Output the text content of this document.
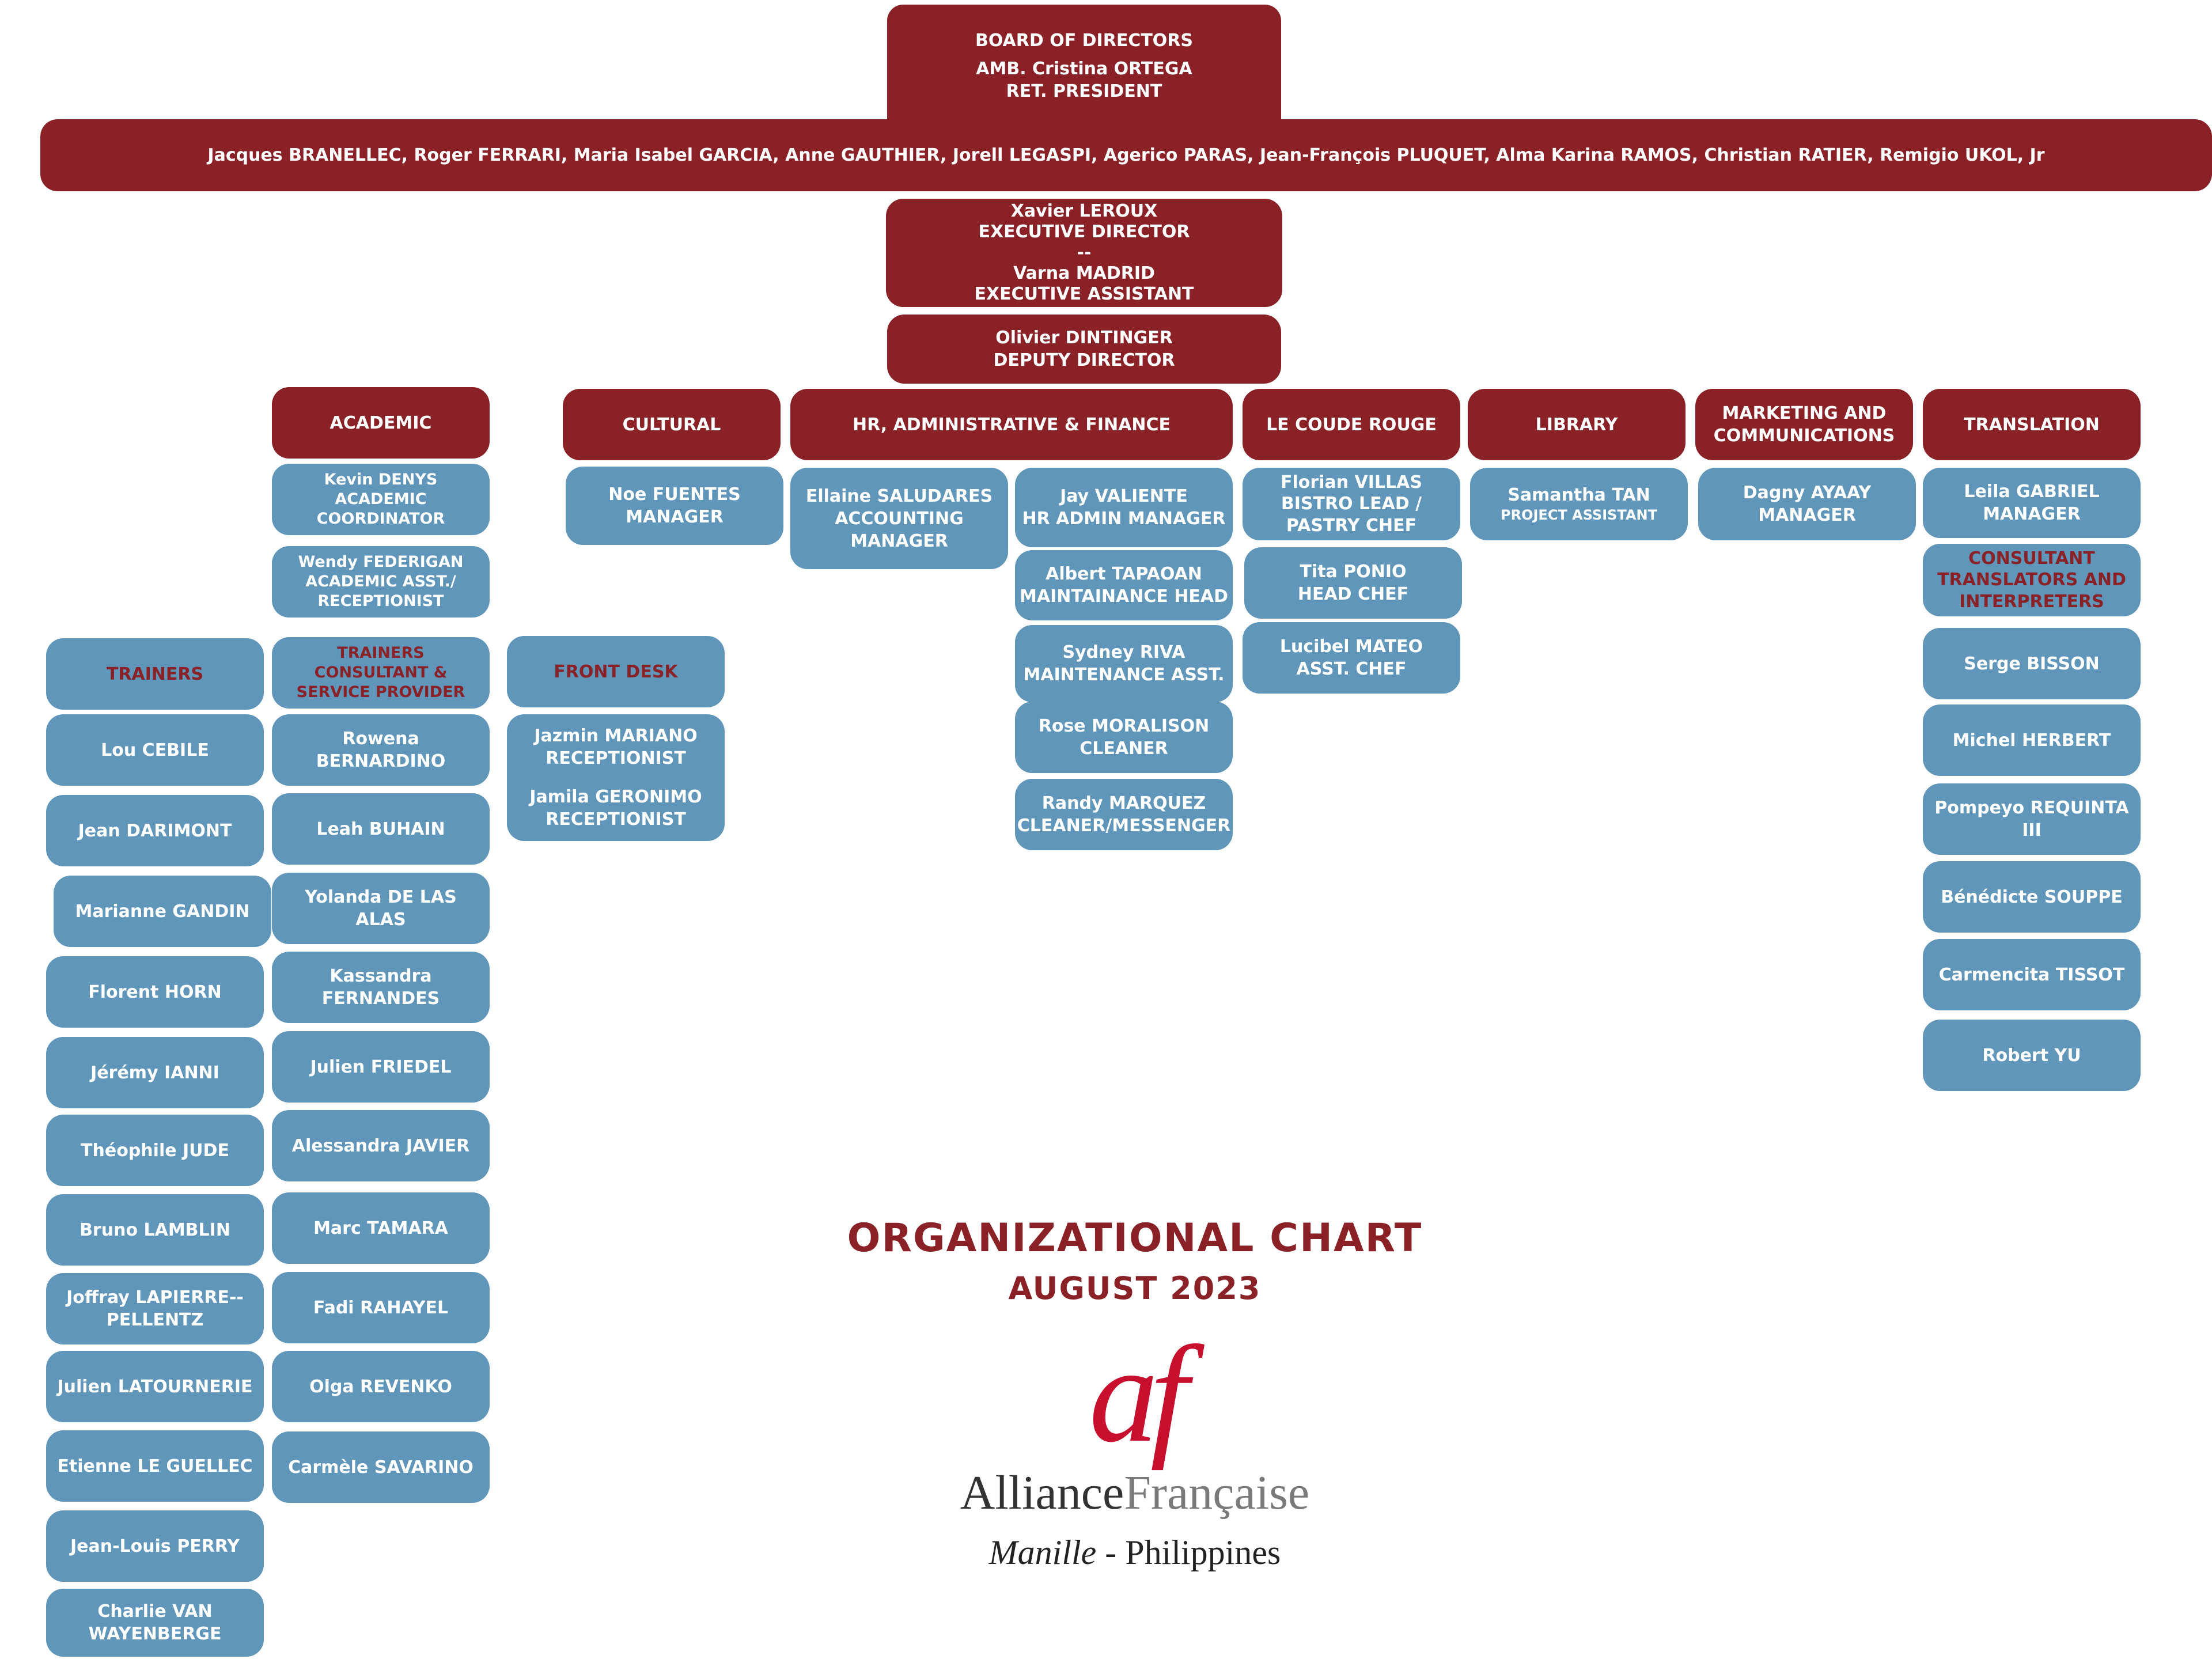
BOARD OF DIRECTORS
AMB. Cristina ORTEGA
RET. PRESIDENT
Jacques BRANELLEC, Roger FERRARI, Maria Isabel GARCIA, Anne GAUTHIER, Jorell LEGASPI, Agerico PARAS, Jean-François PLUQUET, Alma Karina RAMOS, Christian RATIER, Remigio UKOL, Jr
Xavier LEROUX
EXECUTIVE DIRECTOR
--
Varna MADRID
EXECUTIVE ASSISTANT
Olivier DINTINGER
DEPUTY DIRECTOR
ACADEMIC	CULTURAL	HR, ADMINISTRATIVE & FINANCE	LE COUDE ROUGE	LIBRARY
MARKETING AND COMMUNICATIONS
TRANSLATION
Kevin DENYS
ACADEMIC
COORDINATOR
Wendy FEDERIGAN
ACADEMIC ASST./
RECEPTIONIST
TRAINERS
CONSULTANT &
SERVICE PROVIDER
Rowena BERNARDINO
Leah BUHAIN
Yolanda DE LAS ALAS
Kassandra FERNANDES
Julien FRIEDEL
Alessandra JAVIER
Marc TAMARA
Fadi RAHAYEL
Olga REVENKO
Carmèle SAVARINO
TRAINERS
Lou CEBILE
Jean DARIMONT
Marianne GANDIN
Florent HORN
Jérémy IANNI
Théophile JUDE
Bruno LAMBLIN
Joffray LAPIERRE--PELLENTZ
Julien LATOURNERIE
Etienne LE GUELLEC
Jean-Louis PERRY
Charlie VAN WAYENBERGE
Noe FUENTES
MANAGER
FRONT DESK
Jazmin MARIANO
RECEPTIONIST
Jamila GERONIMO
RECEPTIONIST
Ellaine SALUDARES
ACCOUNTING
MANAGER
Jay VALIENTE
HR ADMIN MANAGER
Albert TAPAOAN
MAINTAINANCE HEAD
Sydney RIVA
MAINTENANCE ASST.
Rose MORALISON
CLEANER
Randy MARQUEZ
CLEANER/MESSENGER
Florian VILLAS
BISTRO LEAD /
PASTRY CHEF
Tita PONIO
HEAD CHEF
Lucibel MATEO
ASST. CHEF
Samantha TAN
PROJECT ASSISTANT
Dagny AYAAY
MANAGER
Leila GABRIEL
MANAGER
CONSULTANT
TRANSLATORS AND
INTERPRETERS
Serge BISSON
Michel HERBERT
Pompeyo REQUINTA III
Bénédicte SOUPPE
Carmencita TISSOT
Robert YU
ORGANIZATIONAL CHART
AUGUST 2023
af
AllianceFrançaise
Manille - Philippines
